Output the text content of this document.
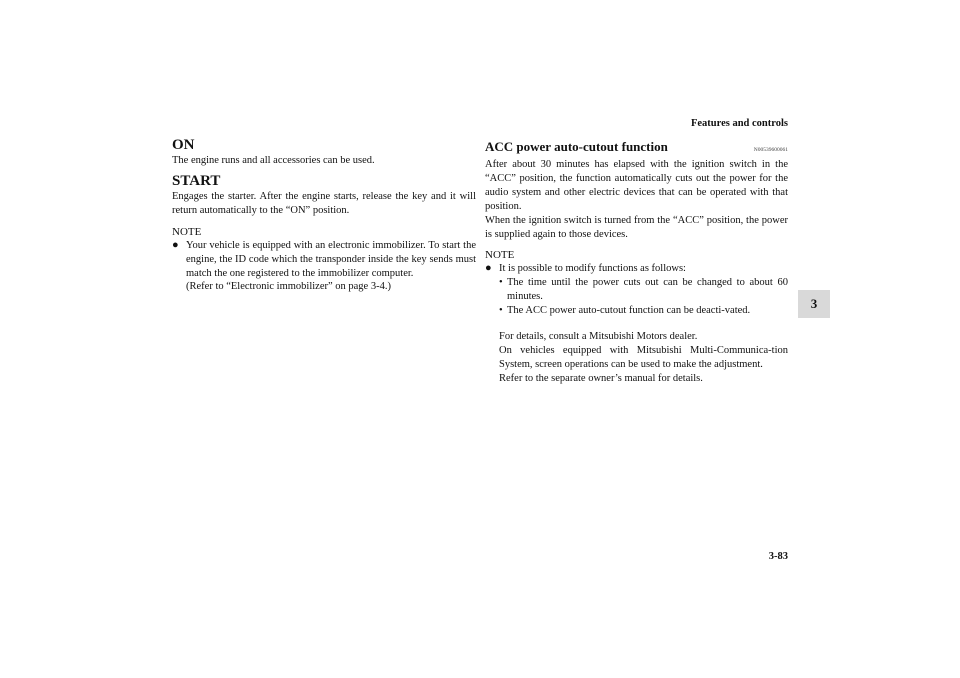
Features and controls
3
3-83
ON

The engine runs and all accessories can be used.

START

Engages the starter. After the engine starts, release the key and it will return automatically to the “ON” position.

NOTE
● Your vehicle is equipped with an electronic immobilizer. To start the engine, the ID code which the transponder inside the key sends must match the one registered to the immobilizer computer.
(Refer to “Electronic immobilizer” on page 3-4.)
ACC power auto-cutout function	N00539600061

After about 30 minutes has elapsed with the ignition switch in the “ACC” position, the function automatically cuts out the power for the audio system and other electric devices that can be operated with that position.

When the ignition switch is turned from the “ACC” position, the power is supplied again to those devices.

NOTE
● It is possible to modify functions as follows:
• The time until the power cuts out can be changed to about 60 minutes.
• The ACC power auto-cutout function can be deacti-vated.
For details, consult a Mitsubishi Motors dealer.
On vehicles equipped with Mitsubishi Multi-Communica-tion System, screen operations can be used to make the adjustment.
Refer to the separate owner’s manual for details.
